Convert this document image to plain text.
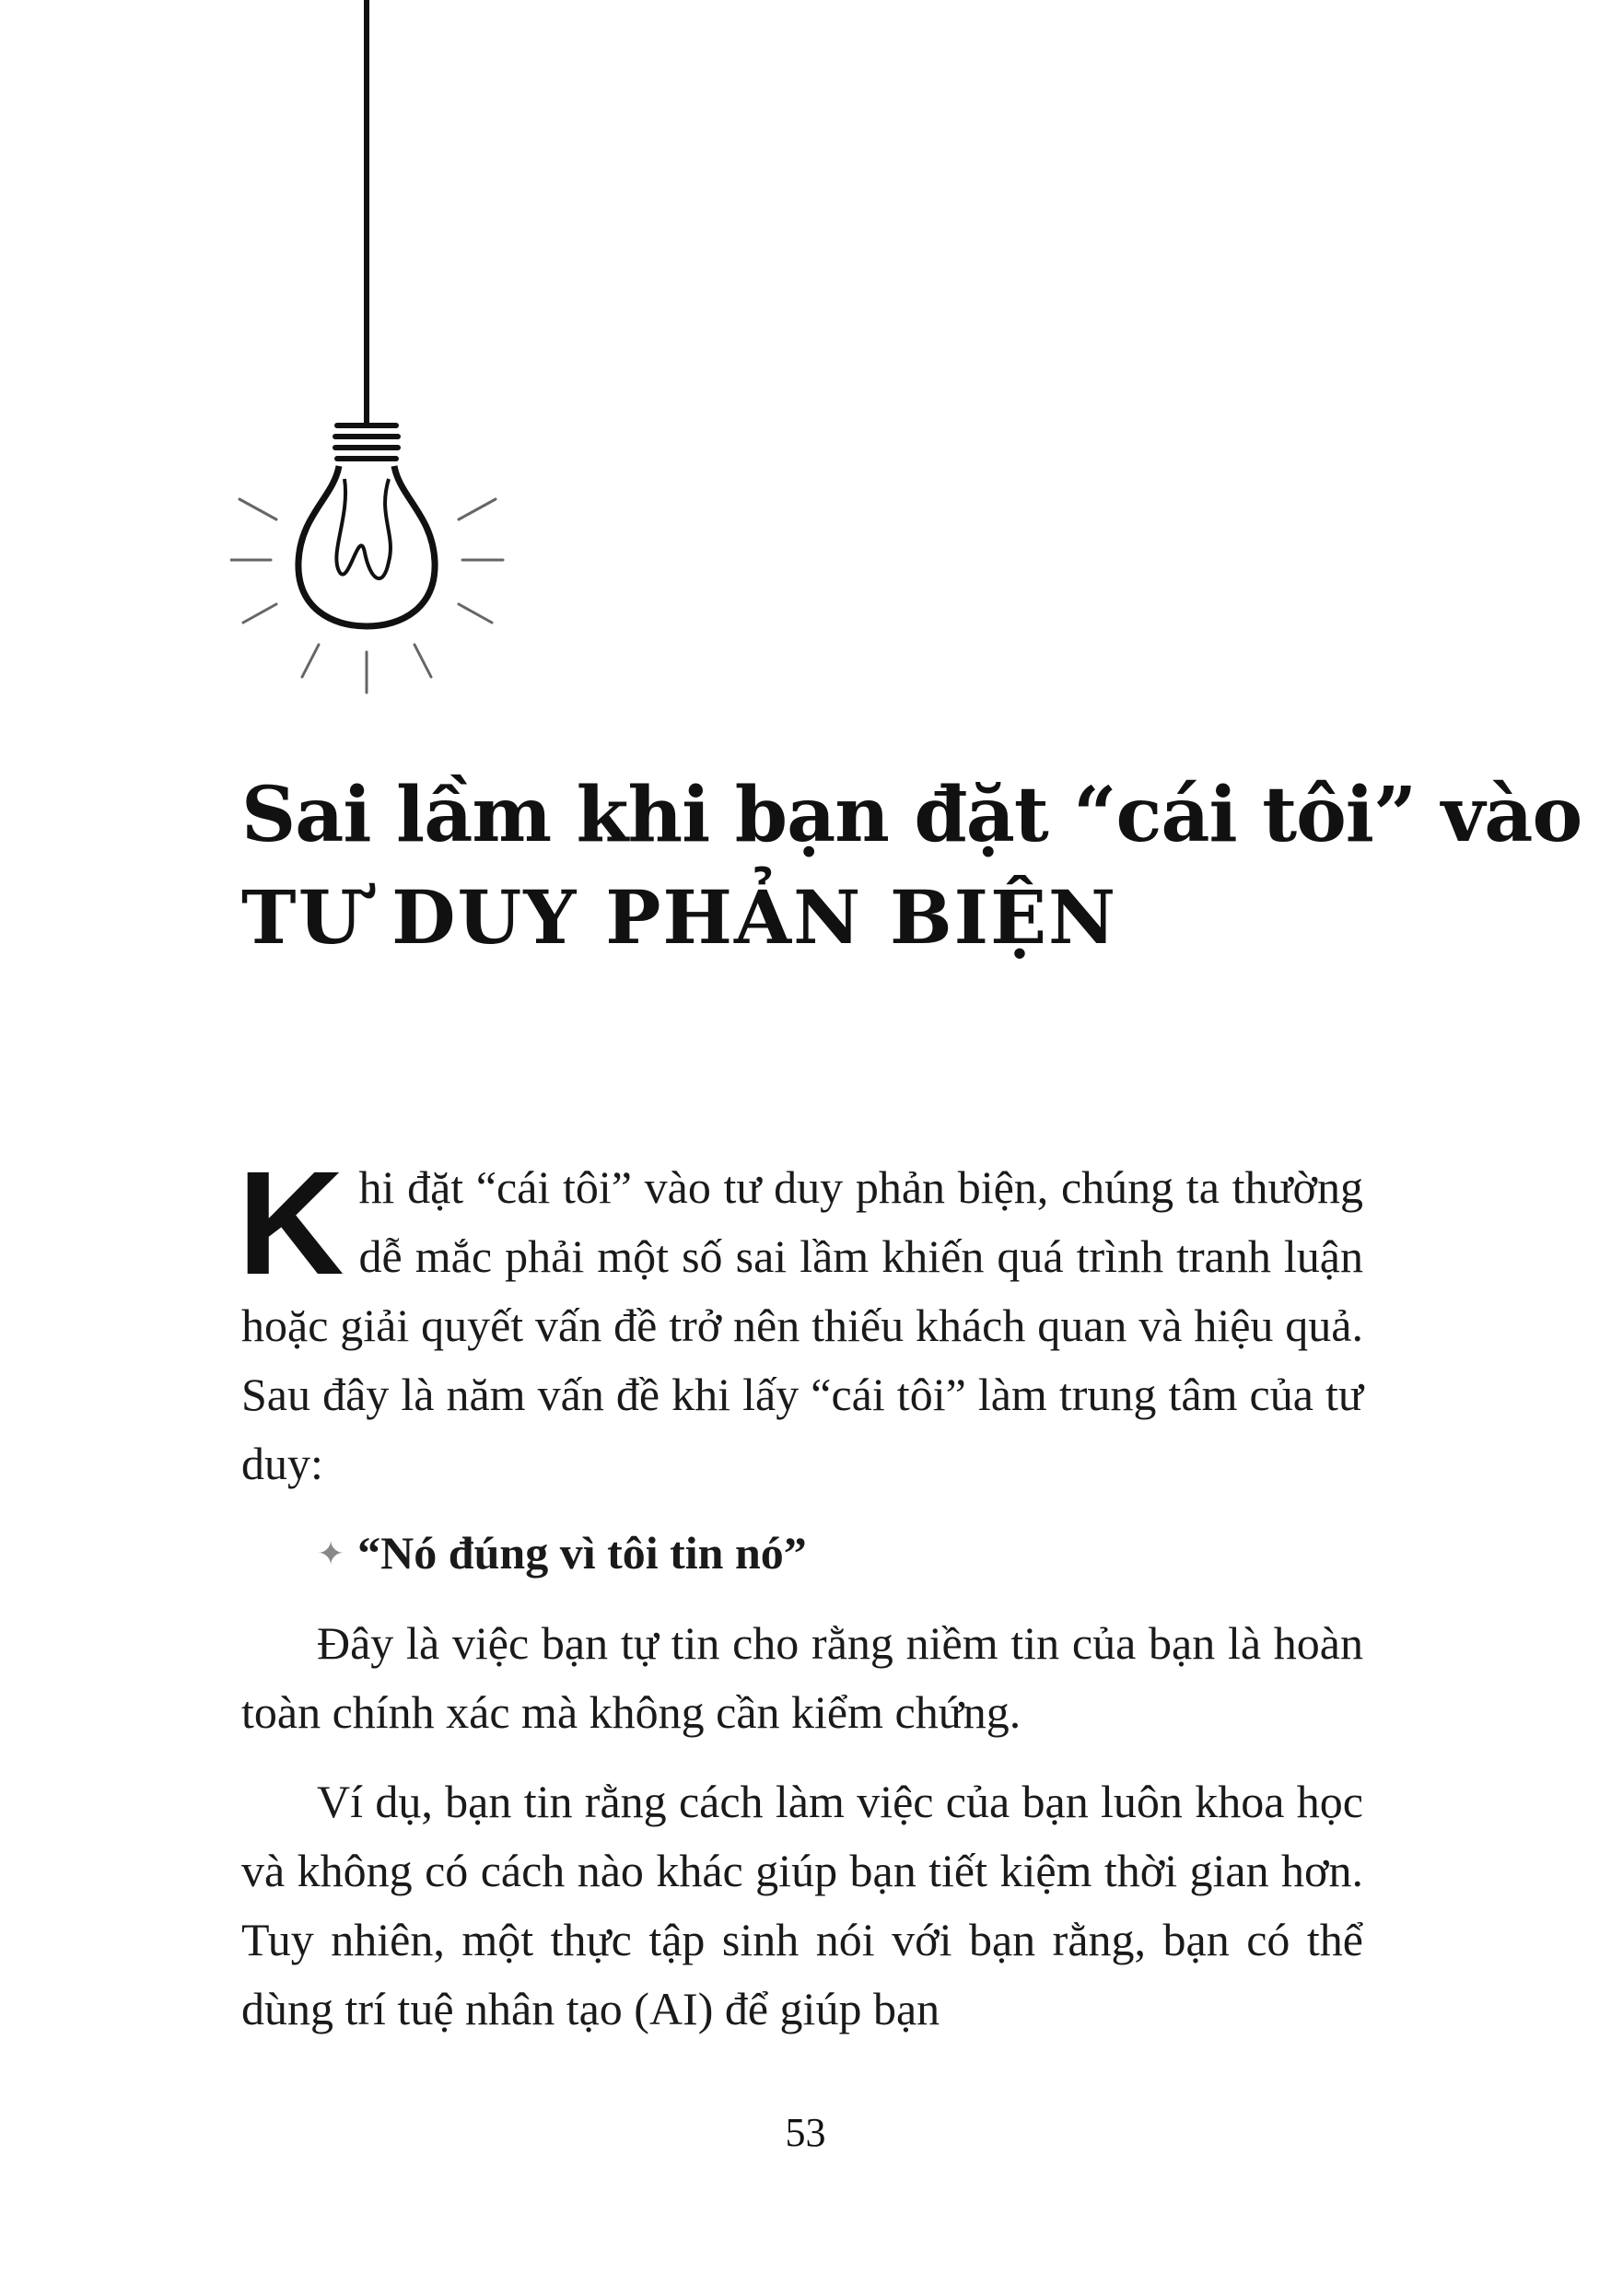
Sai lầm khi bạn đặt “cái tôi” vào
TƯ DUY PHẢN BIỆN

Khi đặt “cái tôi” vào tư duy phản biện, chúng ta thường dễ mắc phải một số sai lầm khiến quá trình tranh luận hoặc giải quyết vấn đề trở nên thiếu khách quan và hiệu quả. Sau đây là năm vấn đề khi lấy “cái tôi” làm trung tâm của tư duy:

✦ “Nó đúng vì tôi tin nó”

Đây là việc bạn tự tin cho rằng niềm tin của bạn là hoàn toàn chính xác mà không cần kiểm chứng.

Ví dụ, bạn tin rằng cách làm việc của bạn luôn khoa học và không có cách nào khác giúp bạn tiết kiệm thời gian hơn. Tuy nhiên, một thực tập sinh nói với bạn rằng, bạn có thể dùng trí tuệ nhân tạo (AI) để giúp bạn

53
